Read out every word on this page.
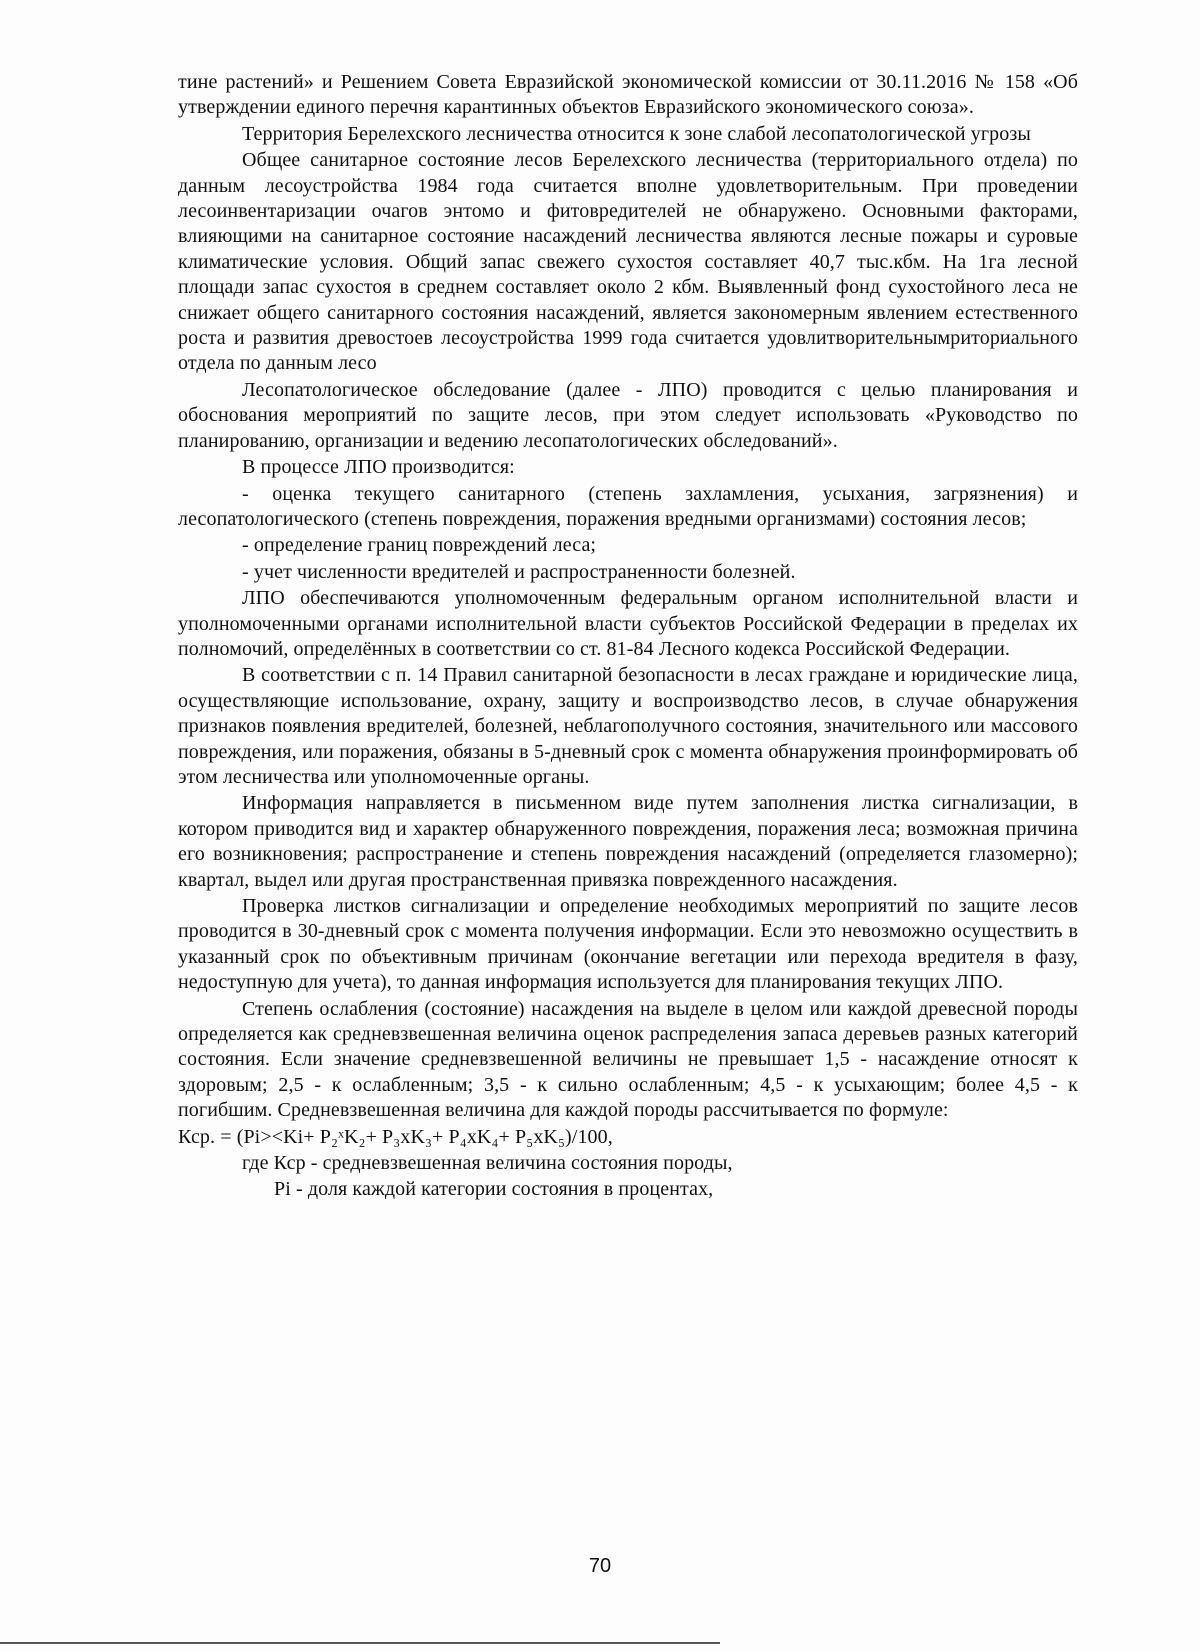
тине растений» и Решением Совета Евразийской экономической комиссии от 30.11.2016 № 158 «Об утверждении единого перечня карантинных объектов Евразийского экономического союза».

Территория Берелехского лесничества относится к зоне слабой лесопатологической угрозы

Общее санитарное состояние лесов Берелехского лесничества (территориального отдела) по данным лесоустройства 1984 года считается вполне удовлетворительным. При проведении лесоинвентаризации очагов энтомо и фитовредителей не обнаружено. Основными факторами, влияющими на санитарное состояние насаждений лесничества являются лесные пожары и суровые климатические условия. Общий запас свежего сухостоя составляет 40,7 тыс.кбм. На 1га лесной площади запас сухостоя в среднем составляет около 2 кбм. Выявленный фонд сухостойного леса не снижает общего санитарного состояния насаждений, является закономерным явлением естественного роста и развития древостоев лесоустройства 1999 года считается удовлитворительнымриториального отдела по данным лесо

Лесопатологическое обследование (далее - ЛПО) проводится с целью планирования и обоснования мероприятий по защите лесов, при этом следует использовать «Руководство по планированию, организации и ведению лесопатологических обследований».

В процессе ЛПО производится:

- оценка текущего санитарного (степень захламления, усыхания, загрязнения) и лесопатологического (степень повреждения, поражения вредными организмами) состояния лесов;

- определение границ повреждений леса;

- учет численности вредителей и распространенности болезней.

ЛПО обеспечиваются уполномоченным федеральным органом исполнительной власти и уполномоченными органами исполнительной власти субъектов Российской Федерации в пределах их полномочий, определённых в соответствии со ст. 81-84 Лесного кодекса Российской Федерации.

В соответствии с п. 14 Правил санитарной безопасности в лесах граждане и юридические лица, осуществляющие использование, охрану, защиту и воспроизводство лесов, в случае обнаружения признаков появления вредителей, болезней, неблагополучного состояния, значительного или массового повреждения, или поражения, обязаны в 5-дневный срок с момента обнаружения проинформировать об этом лесничества или уполномоченные органы.

Информация направляется в письменном виде путем заполнения листка сигнализации, в котором приводится вид и характер обнаруженного повреждения, поражения леса; возможная причина его возникновения; распространение и степень повреждения насаждений (определяется глазомерно); квартал, выдел или другая пространственная привязка поврежденного насаждения.

Проверка листков сигнализации и определение необходимых мероприятий по защите лесов проводится в 30-дневный срок с момента получения информации. Если это невозможно осуществить в указанный срок по объективным причинам (окончание вегетации или перехода вредителя в фазу, недоступную для учета), то данная информация используется для планирования текущих ЛПО.

Степень ослабления (состояние) насаждения на выделе в целом или каждой древесной породы определяется как средневзвешенная величина оценок распределения запаса деревьев разных категорий состояния. Если значение средневзвешенной величины не превышает 1,5 - насаждение относят к здоровым; 2,5 - к ослабленным; 3,5 - к сильно ослабленным; 4,5 - к усыхающим; более 4,5 - к погибшим. Средневзвешенная величина для каждой породы рассчитывается по формуле:

Кср. = (Pi><Ki+ P₂ˣK₂+ P₃xK₃+ P₄xK₄+ P₅xK₅)/100,

где Кср - средневзвешенная величина состояния породы,

Pi - доля каждой категории состояния в процентах,

70
